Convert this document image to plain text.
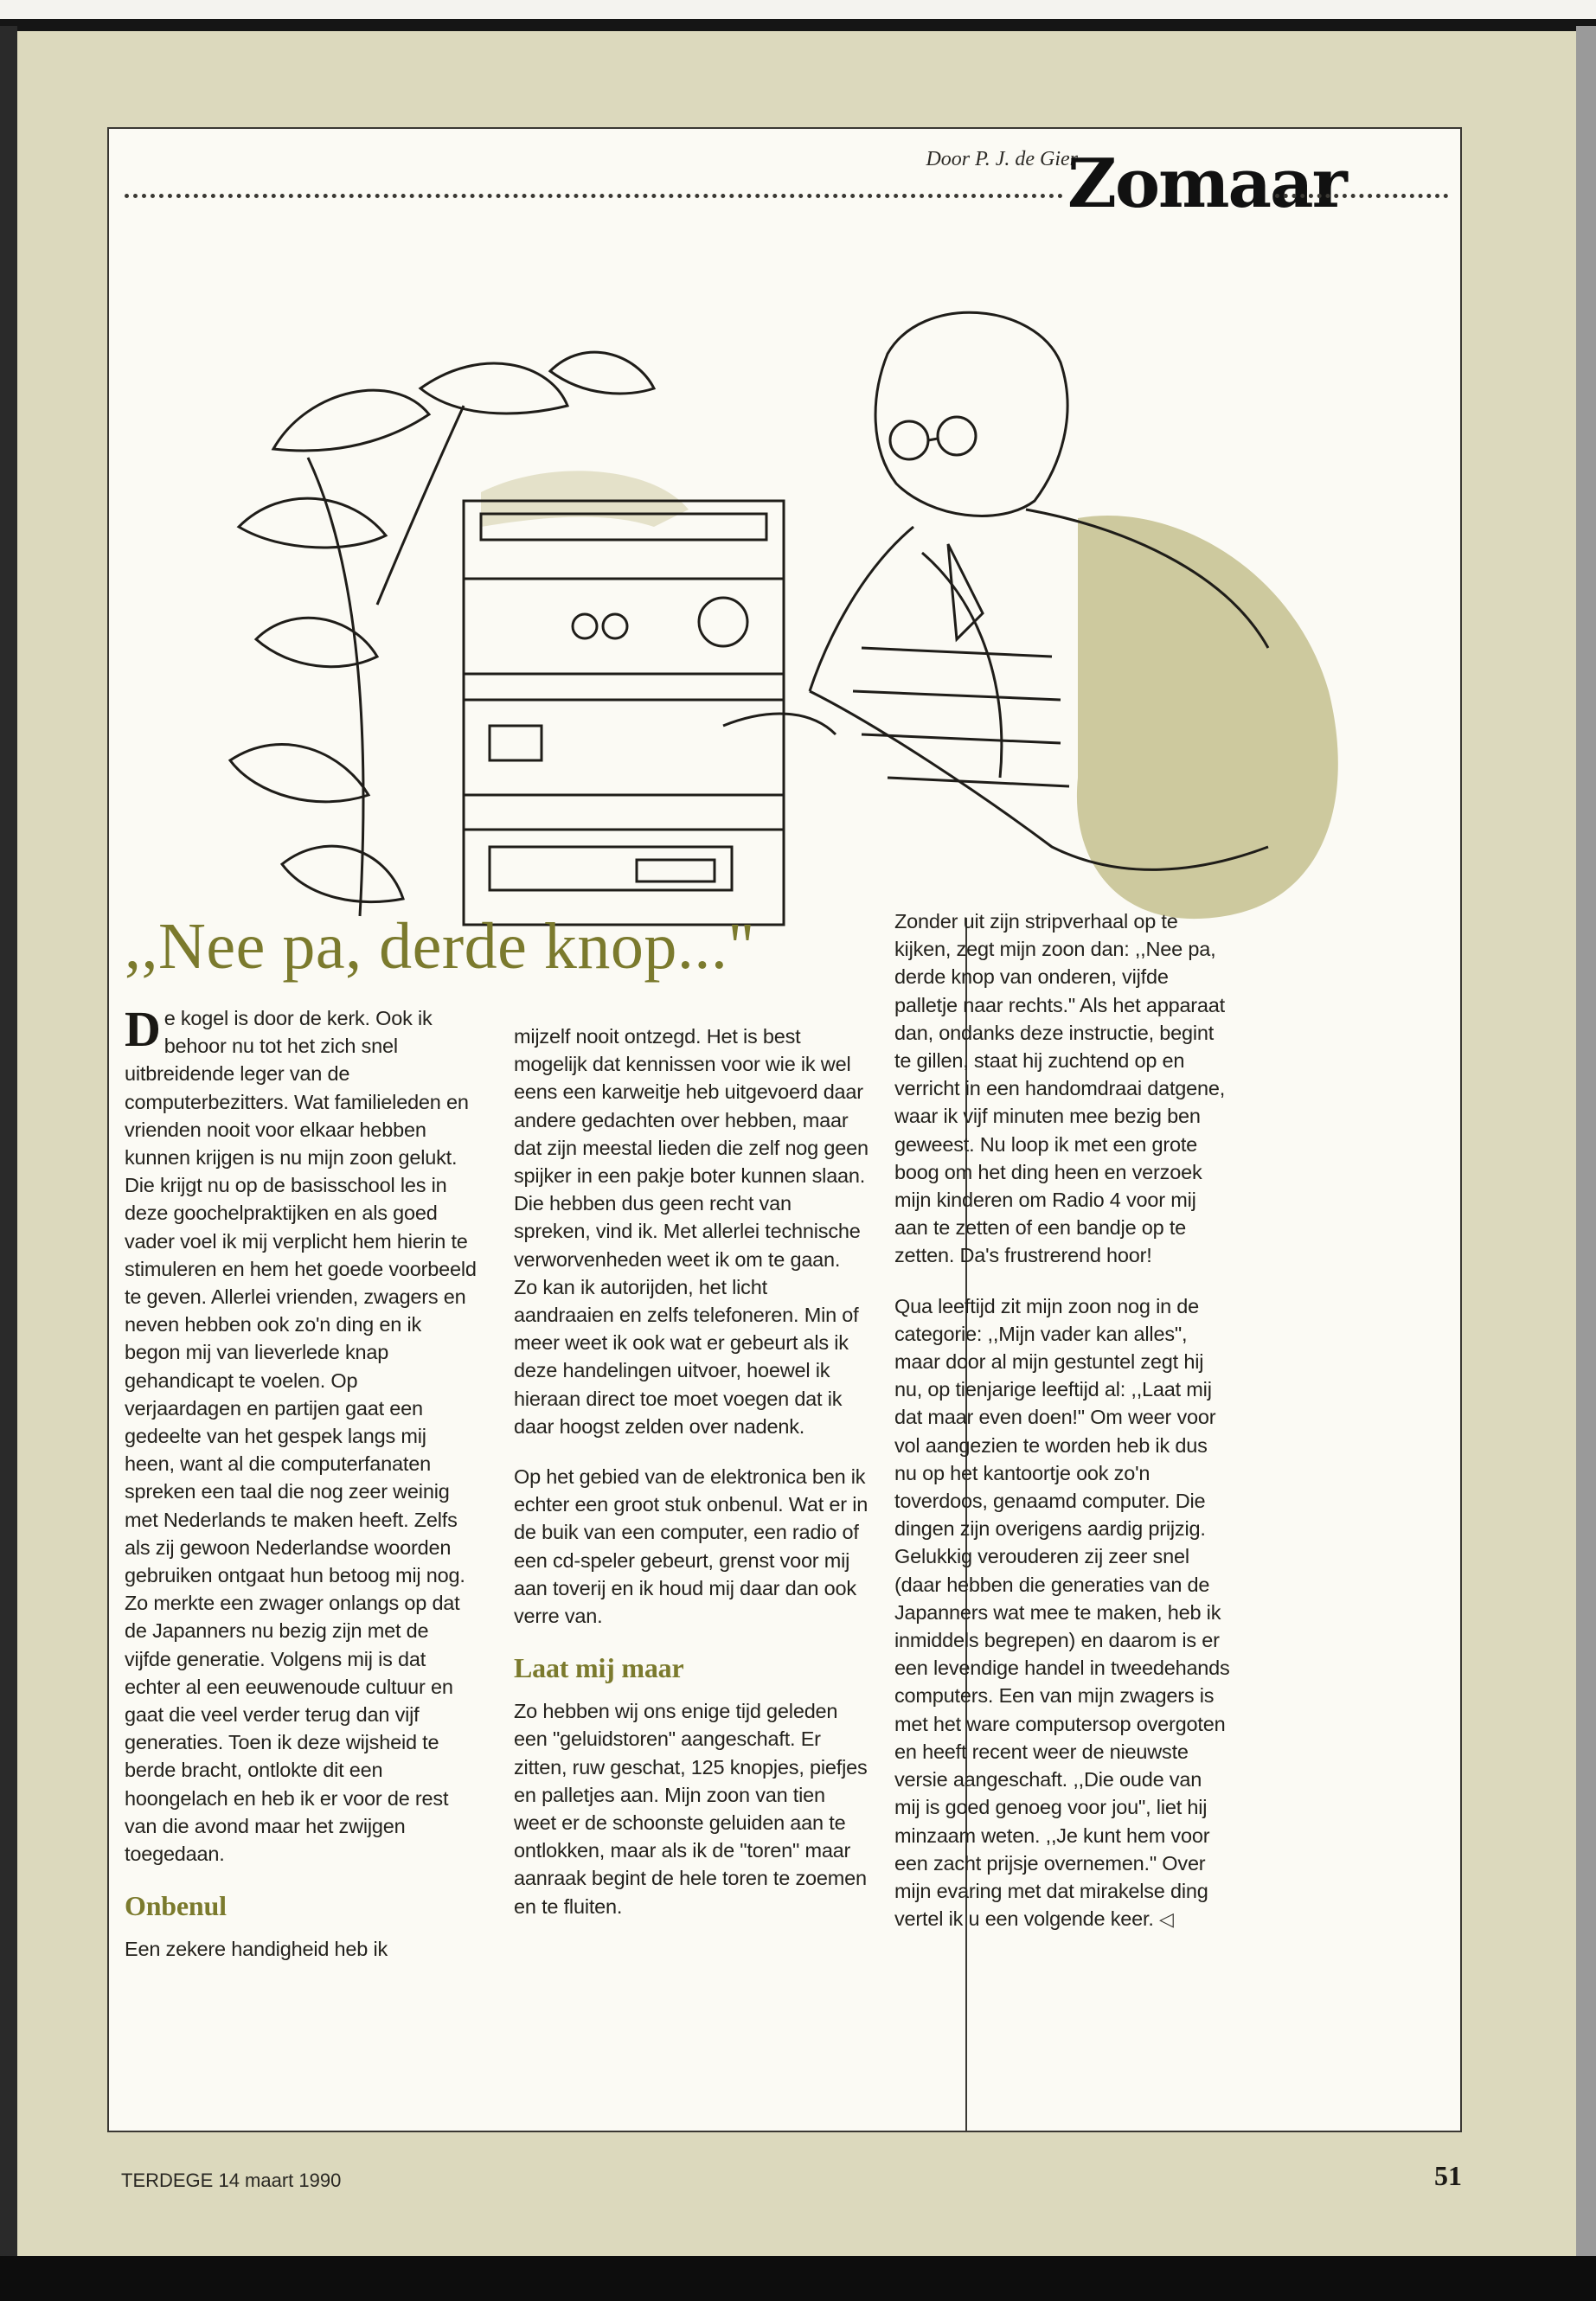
Door P. J. de Gier
Zomaar
,,Nee pa, derde knop..."

De kogel is door de kerk. Ook ik behoor nu tot het zich snel uitbreidende leger van de computerbezitters. Wat familieleden en vrienden nooit voor elkaar hebben kunnen krijgen is nu mijn zoon gelukt. Die krijgt nu op de basisschool les in deze goochelpraktijken en als goed vader voel ik mij verplicht hem hierin te stimuleren en hem het goede voorbeeld te geven. Allerlei vrienden, zwagers en neven hebben ook zo'n ding en ik begon mij van lieverlede knap gehandicapt te voelen. Op verjaardagen en partijen gaat een gedeelte van het gespek langs mij heen, want al die computerfanaten spreken een taal die nog zeer weinig met Nederlands te maken heeft. Zelfs als zij gewoon Nederlandse woorden gebruiken ontgaat hun betoog mij nog. Zo merkte een zwager onlangs op dat de Japanners nu bezig zijn met de vijfde generatie. Volgens mij is dat echter al een eeuwenoude cultuur en gaat die veel verder terug dan vijf generaties. Toen ik deze wijsheid te berde bracht, ontlokte dit een hoongelach en heb ik er voor de rest van die avond maar het zwijgen toegedaan.

Onbenul

Een zekere handigheid heb ik

mijzelf nooit ontzegd. Het is best mogelijk dat kennissen voor wie ik wel eens een karweitje heb uitgevoerd daar andere gedachten over hebben, maar dat zijn meestal lieden die zelf nog geen spijker in een pakje boter kunnen slaan. Die hebben dus geen recht van spreken, vind ik. Met allerlei technische verworvenheden weet ik om te gaan. Zo kan ik autorijden, het licht aandraaien en zelfs telefoneren. Min of meer weet ik ook wat er gebeurt als ik deze handelingen uitvoer, hoewel ik hieraan direct toe moet voegen dat ik daar hoogst zelden over nadenk.

Op het gebied van de elektronica ben ik echter een groot stuk onbenul. Wat er in de buik van een computer, een radio of een cd-speler gebeurt, grenst voor mij aan toverij en ik houd mij daar dan ook verre van.

Laat mij maar

Zo hebben wij ons enige tijd geleden een "geluidstoren" aangeschaft. Er zitten, ruw geschat, 125 knopjes, piefjes en palletjes aan. Mijn zoon van tien weet er de schoonste geluiden aan te ontlokken, maar als ik de "toren" maar aanraak begint de hele toren te zoemen en te fluiten.

Zonder uit zijn stripverhaal op te kijken, zegt mijn zoon dan: ,,Nee pa, derde knop van onderen, vijfde palletje naar rechts." Als het apparaat dan, ondanks deze instructie, begint te gillen, staat hij zuchtend op en verricht in een handomdraai datgene, waar ik vijf minuten mee bezig ben geweest. Nu loop ik met een grote boog om het ding heen en verzoek mijn kinderen om Radio 4 voor mij aan te zetten of een bandje op te zetten. Da's frustrerend hoor!

Qua leeftijd zit mijn zoon nog in de categorie: ,,Mijn vader kan alles", maar door al mijn gestuntel zegt hij nu, op tienjarige leeftijd al: ,,Laat mij dat maar even doen!" Om weer voor vol aangezien te worden heb ik dus nu op het kantoortje ook zo'n toverdoos, genaamd computer. Die dingen zijn overigens aardig prijzig. Gelukkig verouderen zij zeer snel (daar hebben die generaties van de Japanners wat mee te maken, heb ik inmiddels begrepen) en daarom is er een levendige handel in tweedehands computers. Een van mijn zwagers is met het ware computersop overgoten en heeft recent weer de nieuwste versie aangeschaft. ,,Die oude van mij is goed genoeg voor jou", liet hij minzaam weten. ,,Je kunt hem voor een zacht prijsje overnemen." Over mijn evaring met dat mirakelse ding vertel ik u een volgende keer. ◁

TERDEGE 14 maart 1990	51
